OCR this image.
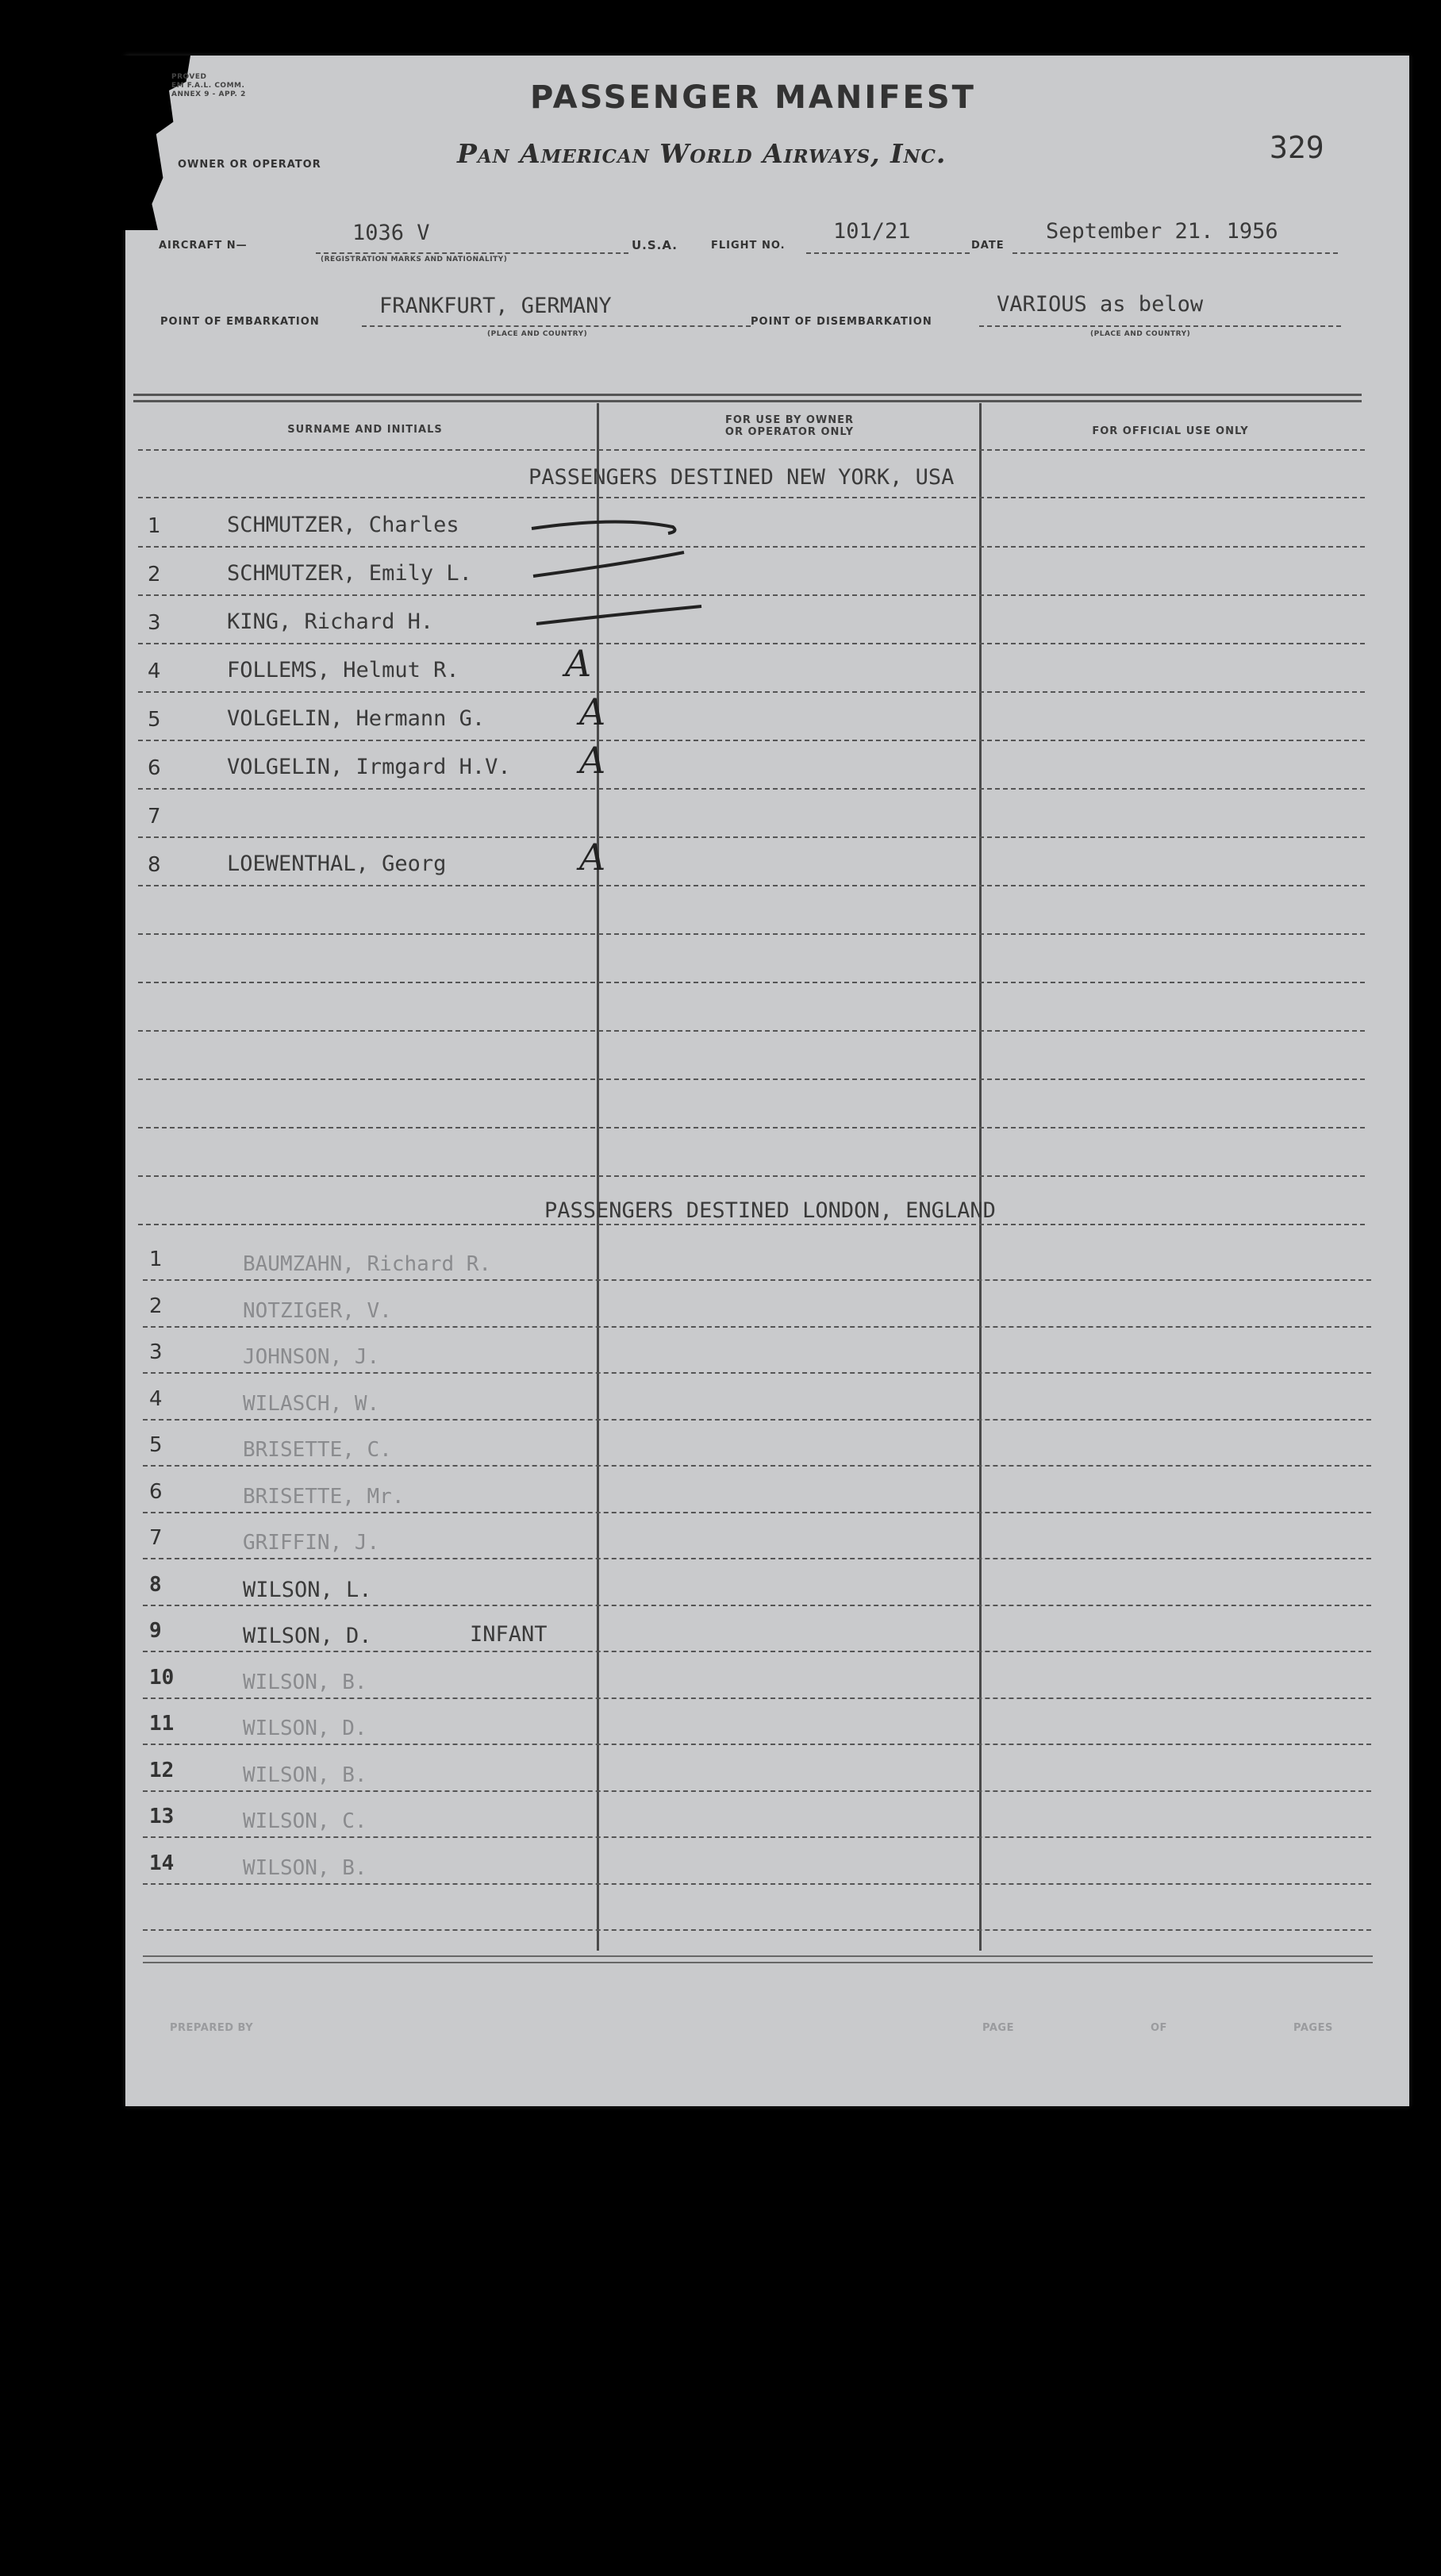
PROVED
EM F.A.L. COMM.
ANNEX 9 - APP. 2
OWNER OR OPERATOR
PASSENGER MANIFEST
Pan American World Airways, Inc.	329
AIRCRAFT N—
1036 V
(REGISTRATION MARKS AND NATIONALITY)
U.S.A.	FLIGHT NO.
101/21
DATE
September 21. 1956
POINT OF EMBARKATION
FRANKFURT, GERMANY
(PLACE AND COUNTRY)
POINT OF DISEMBARKATION
VARIOUS as below
(PLACE AND COUNTRY)
SURNAME AND INITIALS
FOR USE BY OWNER
OR OPERATOR ONLY	FOR OFFICIAL USE ONLY
PASSENGERS DESTINED NEW YORK, USA
1	SCHMUTZER, Charles
2	SCHMUTZER, Emily L.
3	KING, Richard H.
4	FOLLEMS, Helmut R.	A
5	VOLGELIN, Hermann G.	A
6	VOLGELIN, Irmgard H.V. A
7
8	LOEWENTHAL, Georg	A
PASSENGERS DESTINED LONDON, ENGLAND
1	BAUMZAHN, Richard R.
2	NOTZIGER, V.
3	JOHNSON, J.
4	WILASCH, W.
5	BRISETTE, C.
6	BRISETTE, Mr.
7	GRIFFIN, J.
8	WILSON, L.
9	WILSON, D.	INFANT
10	WILSON, B.
11	WILSON, D.
12	WILSON, B.
13	WILSON, C.
14	WILSON, B.
PREPARED BY	PAGE	OF	PAGES
